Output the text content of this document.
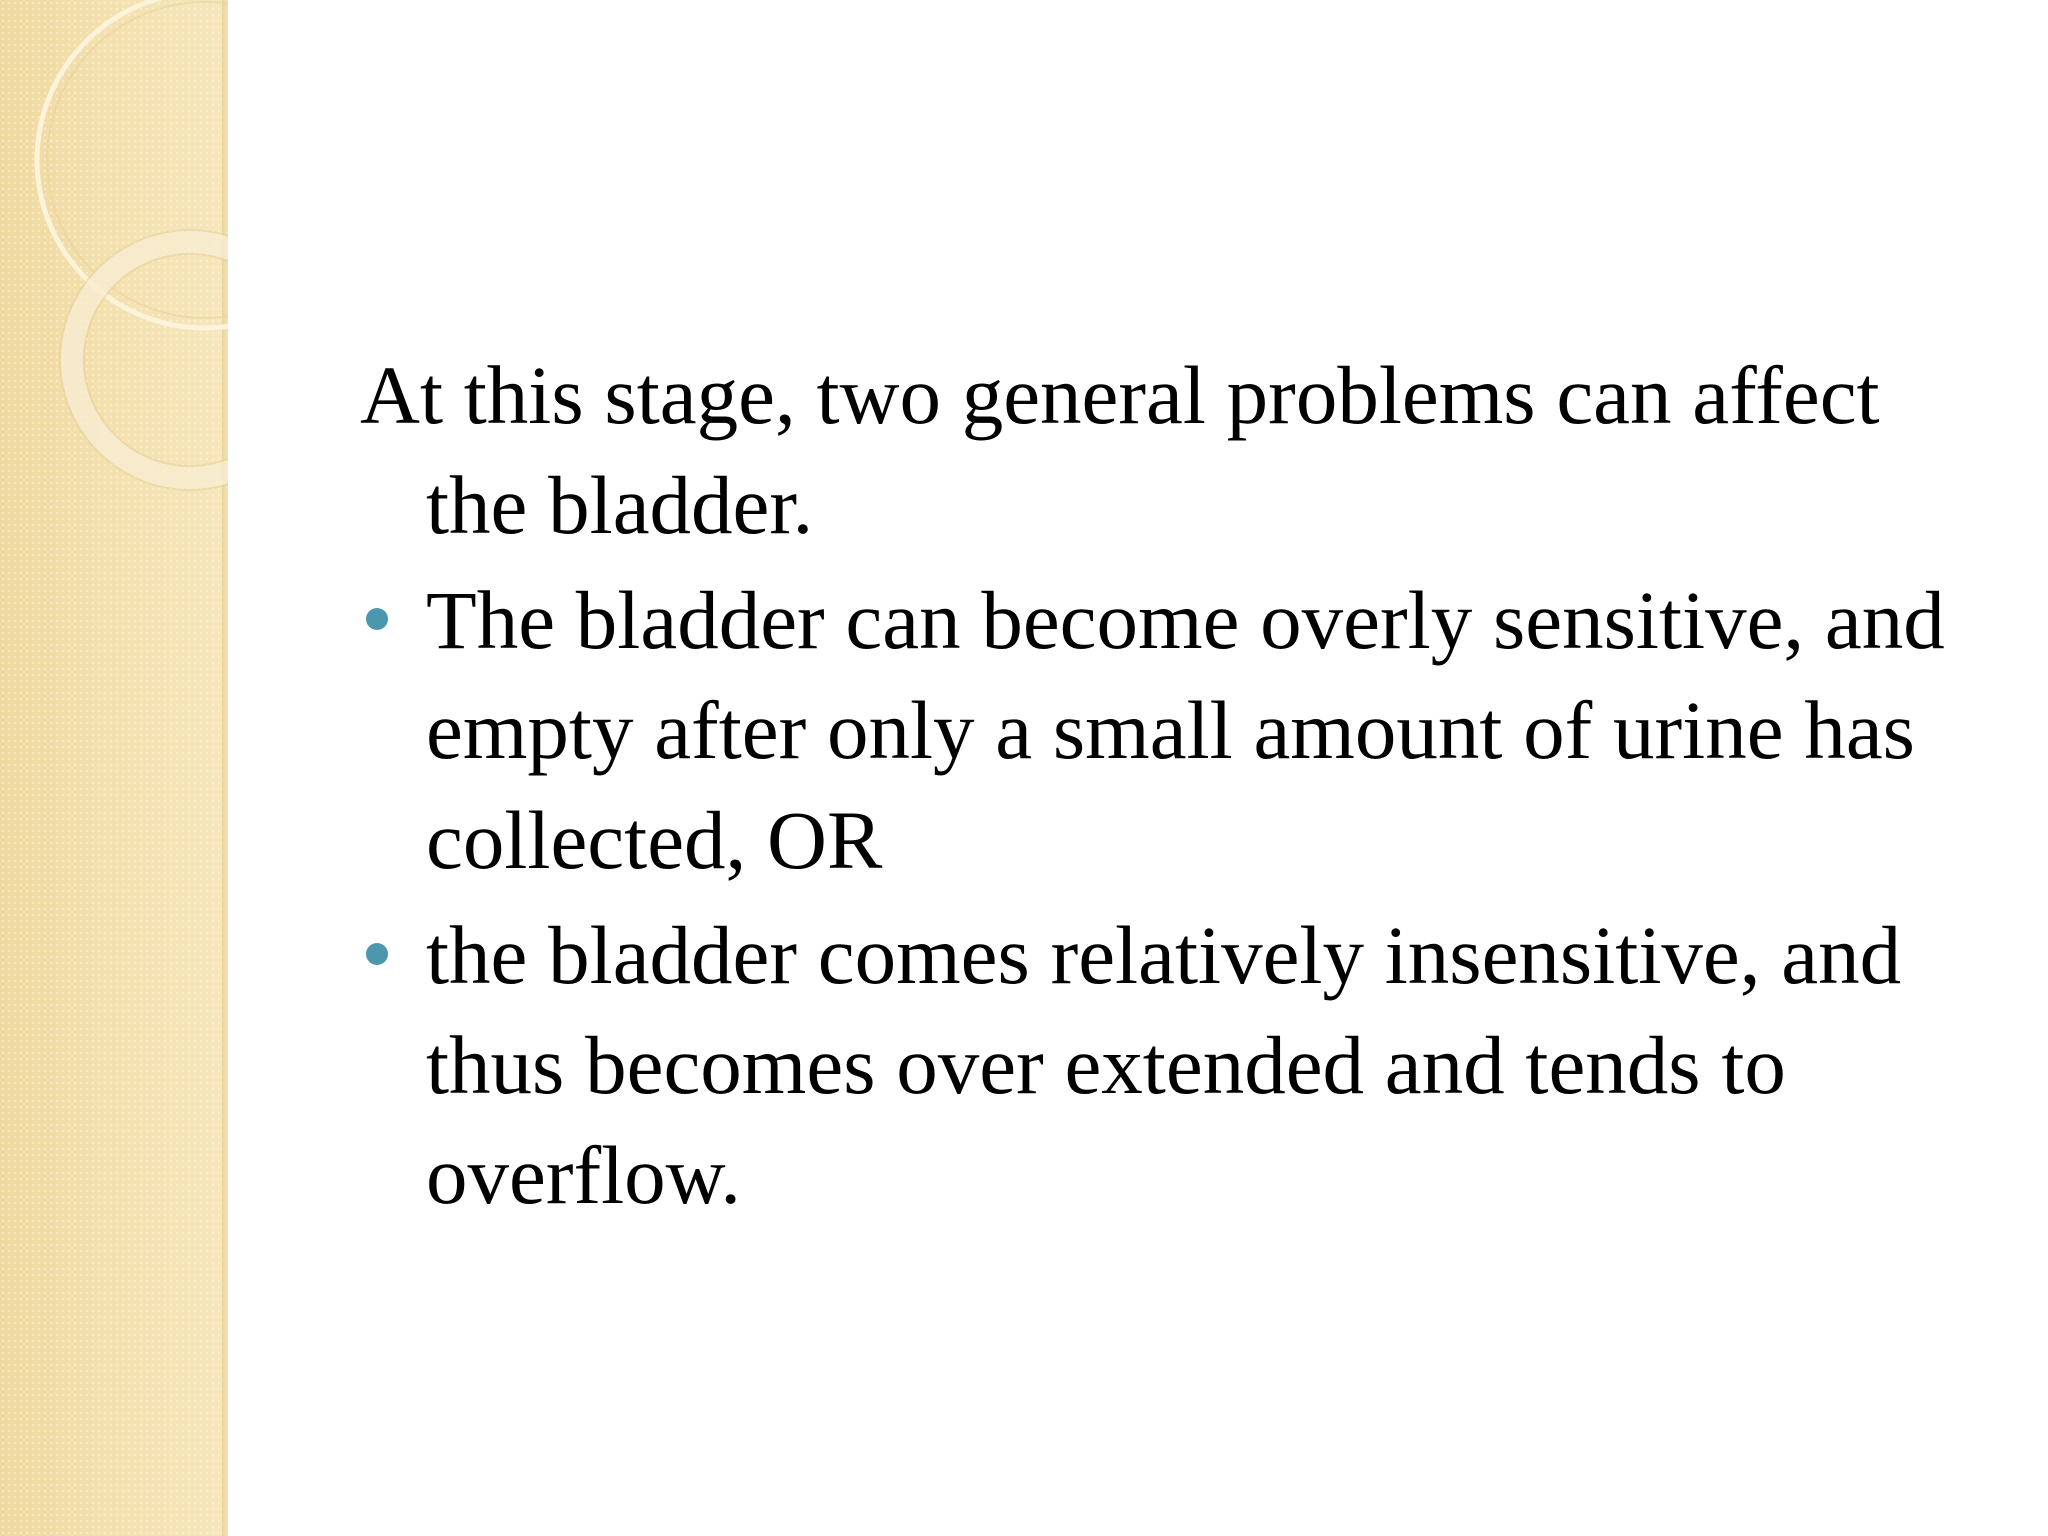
At this stage, two general problems can affect the bladder.

The bladder can become overly sensitive, and empty after only a small amount of urine has collected, OR
the bladder comes relatively insensitive, and thus becomes over extended and tends to overflow.
